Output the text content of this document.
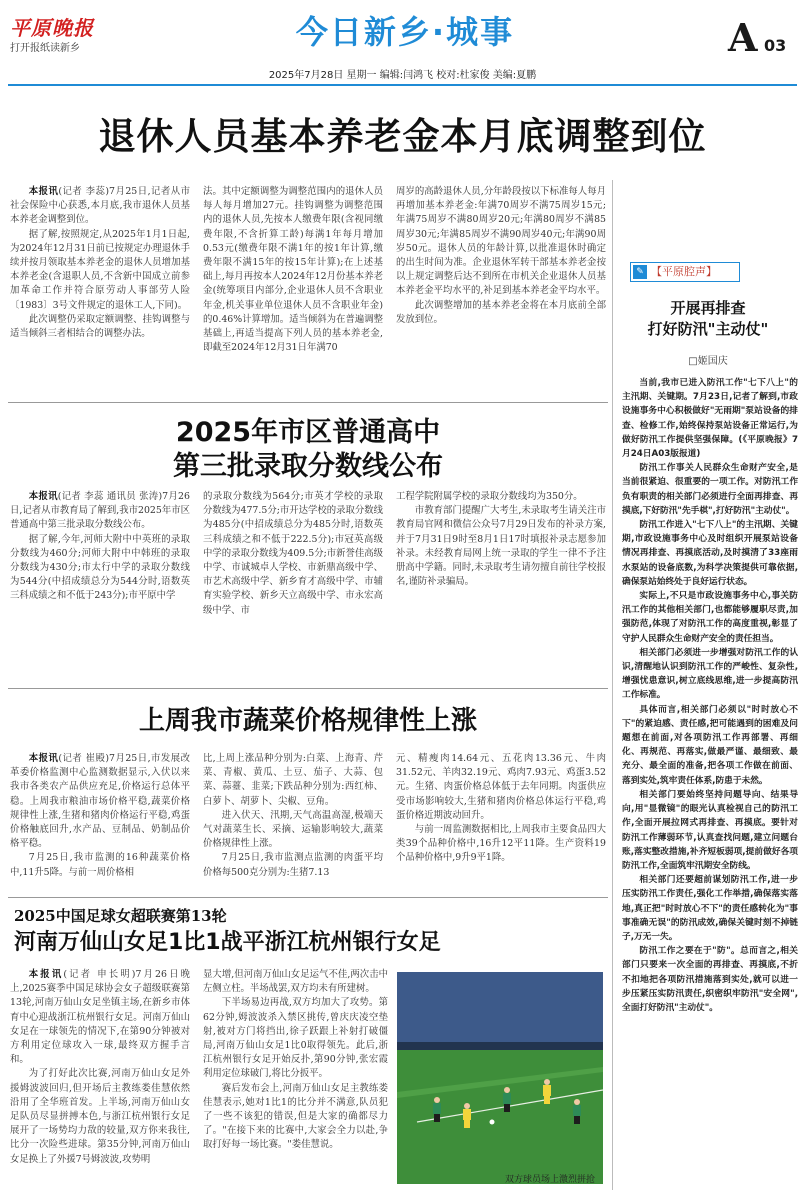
平原晚报
打开报纸读新乡	今日新乡·城事	A 03
2025年7月28日 星期一 编辑:闫鸿飞 校对:杜家俊 美编:夏鹏
退休人员基本养老金本月底调整到位

本报讯(记者 李蕊)7月25日,记者从市社会保险中心获悉,本月底,我市退休人员基本养老金调整到位。

据了解,按照规定,从2025年1月1日起,为2024年12月31日前已按规定办理退休手续并按月领取基本养老金的退休人员增加基本养老金(含退职人员,不含新中国成立前参加革命工作并符合原劳动人事部劳人险〔1983〕3号文件规定的退休工人,下同)。

此次调整仍采取定额调整、挂钩调整与适当倾斜三者相结合的调整办法。

法。其中定额调整为调整范围内的退休人员每人每月增加27元。挂钩调整为调整范围内的退休人员,先按本人缴费年限(含视同缴费年限,不含折算工龄)每满1年每月增加0.53元(缴费年限不满1年的按1年计算,缴费年限不满15年的按15年计算);在上述基础上,每月再按本人2024年12月份基本养老金(统筹项目内部分,企业退休人员不含职业年金,机关事业单位退休人员不含职业年金)的0.46%计算增加。适当倾斜为在普遍调整基础上,再适当提高下列人员的基本养老金,即截至2024年12月31日年满70

周岁的高龄退休人员,分年龄段按以下标准每人每月再增加基本养老金:年满70周岁不满75周岁15元;年满75周岁不满80周岁20元;年满80周岁不满85周岁30元;年满85周岁不满90周岁40元;年满90周岁50元。退休人员的年龄计算,以批准退休时确定的出生时间为准。企业退休军转干部基本养老金按以上规定调整后达不到所在市机关企业退休人员基本养老金平均水平的,补足到基本养老金平均水平。

此次调整增加的基本养老金将在本月底前全部发放到位。

2025年市区普通高中
第三批录取分数线公布

本报讯(记者 李蕊 通讯员 张涛)7月26日,记者从市教育局了解到,我市2025年市区普通高中第三批录取分数线公布。

据了解,今年,河师大附中中英班的录取分数线为460分;河师大附中中韩班的录取分数线为430分;市太行中学的录取分数线为544分(中招成绩总分为544分时,语数英三科成绩之和不低于243分);市平原中学

的录取分数线为564分;市英才学校的录取分数线为477.5分;市开达学校的录取分数线为485分(中招成绩总分为485分时,语数英三科成绩之和不低于222.5分);市冠英高级中学的录取分数线为409.5分;市新誉佳高级中学、市诚城卓人学校、市新鼎高级中学、市艺术高级中学、新乡育才高级中学、市辅育实验学校、新乡天立高级中学、市永宏高级中学、市

工程学院附属学校的录取分数线均为350分。

市教育部门提醒广大考生,未录取考生请关注市教育局官网和微信公众号7月29日发布的补录方案,并于7月31日9时至8月1日17时填报补录志愿参加补录。未经教育局网上统一录取的学生一律不予注册高中学籍。同时,未录取考生请勿擅自前往学校报名,谨防补录骗局。

上周我市蔬菜价格规律性上涨

本报讯(记者 崔殿)7月25日,市发展改革委价格监测中心监测数据显示,入伏以来我市各类农产品供应充足,价格运行总体平稳。上周我市粮油市场价格平稳,蔬菜价格规律性上涨,生猪和猪肉价格运行平稳,鸡蛋价格触底回升,水产品、豆制品、奶制品价格平稳。

7月25日,我市监测的16种蔬菜价格中,11升5降。与前一周价格相

比,上周上涨品种分别为:白菜、上海青、芹菜、青椒、黄瓜、土豆、茄子、大蒜、包菜、蒜薹、韭菜;下跌品种分别为:西红柿、白萝卜、胡萝卜、尖椒、豆角。

进入伏天、汛期,天气高温高湿,极端天气对蔬菜生长、采摘、运输影响较大,蔬菜价格规律性上涨。

7月25日,我市监测点监测的肉蛋平均价格每500克分别为:生猪7.13

元、精瘦肉14.64元、五花肉13.36元、牛肉31.52元、羊肉32.19元、鸡肉7.93元、鸡蛋3.52元。生猪、肉蛋价格总体低于去年同期。肉蛋供应受市场影响较大,生猪和猪肉价格总体运行平稳,鸡蛋价格近期波动回升。

与前一周监测数据相比,上周我市主要食品四大类39个品种价格中,16升12平11降。生产资料19个品种价格中,9升9平1降。

2025中国足球女超联赛第13轮
河南万仙山女足1比1战平浙江杭州银行女足

本报讯(记者 申长明)7月26日晚上,2025赛季中国足球协会女子超级联赛第13轮,河南万仙山女足坐镇主场,在新乡市体育中心迎战浙江杭州银行女足。河南万仙山女足在一球领先的情况下,在第90分钟被对方利用定位球攻入一球,最终双方握手言和。

为了打好此次比赛,河南万仙山女足外援姆波波回归,但开场后主教练娄佳慧依然沿用了全华班首发。上半场,河南万仙山女足队员尽显拼搏本色,与浙江杭州银行女足展开了一场势均力敌的较量,双方你来我往,比分一次险些进球。第35分钟,河南万仙山女足换上了外援7号姆波波,攻势明

显大增,但河南万仙山女足运气不佳,两次击中左侧立柱。半场战罢,双方均未有所建树。

下半场易边再战,双方均加大了攻势。第62分钟,姆波波杀入禁区挑传,曾庆庆凌空垫射,被对方门将挡出,徐子跃跟上补射打破僵局,河南万仙山女足1比0取得领先。此后,浙江杭州银行女足开始反扑,第90分钟,张宏霞利用定位球破门,将比分扳平。

赛后发布会上,河南万仙山女足主教练娄佳慧表示,她对1比1的比分并不满意,队员犯了一些不该犯的错误,但是大家的确都尽力了。"在接下来的比赛中,大家会全力以赴,争取打好每一场比赛。"娄佳慧说。

双方球员场上激烈拼抢
✎ 【平原腔声】
开展再排查
打好防汛"主动仗"
□姬国庆

当前,我市已进入防汛工作"七下八上"的主汛期、关键期。7月23日,记者了解到,市政设施事务中心积极做好"无雨期"泵站设备的排查、检修工作,始终保持泵站设备正常运行,为做好防汛工作提供坚强保障。(《平原晚报》7月24日A03版报道)

防汛工作事关人民群众生命财产安全,是当前很紧迫、很重要的一项工作。对防汛工作负有职责的相关部门必须进行全面再排查、再摸底,下好防汛"先手棋",打好防汛"主动仗"。

防汛工作进入"七下八上"的主汛期、关键期,市政设施事务中心及时组织开展泵站设备情况再排查、再摸底活动,及时摸清了33座雨水泵站的设备底数,为科学决策提供可靠依据,确保泵站始终处于良好运行状态。

实际上,不只是市政设施事务中心,事关防汛工作的其他相关部门,也都能够履职尽责,加强防范,体现了对防汛工作的高度重视,彰显了守护人民群众生命财产安全的责任担当。

相关部门必须进一步增强对防汛工作的认识,清醒地认识到防汛工作的严峻性、复杂性,增强忧患意识,树立底线思维,进一步提高防汛工作标准。

具体而言,相关部门必须以"时时放心不下"的紧迫感、责任感,把可能遇到的困难及问题想在前面,对各项防汛工作再部署、再细化、再规范、再落实,做最严谨、最细致、最充分、最全面的准备,把各项工作做在前面、落到实处,筑牢责任体系,防患于未然。

相关部门要始终坚持问题导向、结果导向,用"显微镜"的眼光认真检视自己的防汛工作,全面开展拉网式再排查、再摸底。要针对防汛工作薄弱环节,认真查找问题,建立问题台账,落实整改措施,补齐短板弱项,提前做好各项防汛工作,全面筑牢汛期安全防线。

相关部门还要超前谋划防汛工作,进一步压实防汛工作责任,强化工作举措,确保落实落地,真正把"时时放心不下"的责任感转化为"事事准确无误"的防汛成效,确保关键时刻不掉链子,万无一失。

防汛工作之要在于"防"。总而言之,相关部门只要来一次全面的再排查、再摸底,不折不扣地把各项防汛措施落到实处,就可以进一步压紧压实防汛责任,织密织牢防汛"安全网",全面打好防汛"主动仗"。
